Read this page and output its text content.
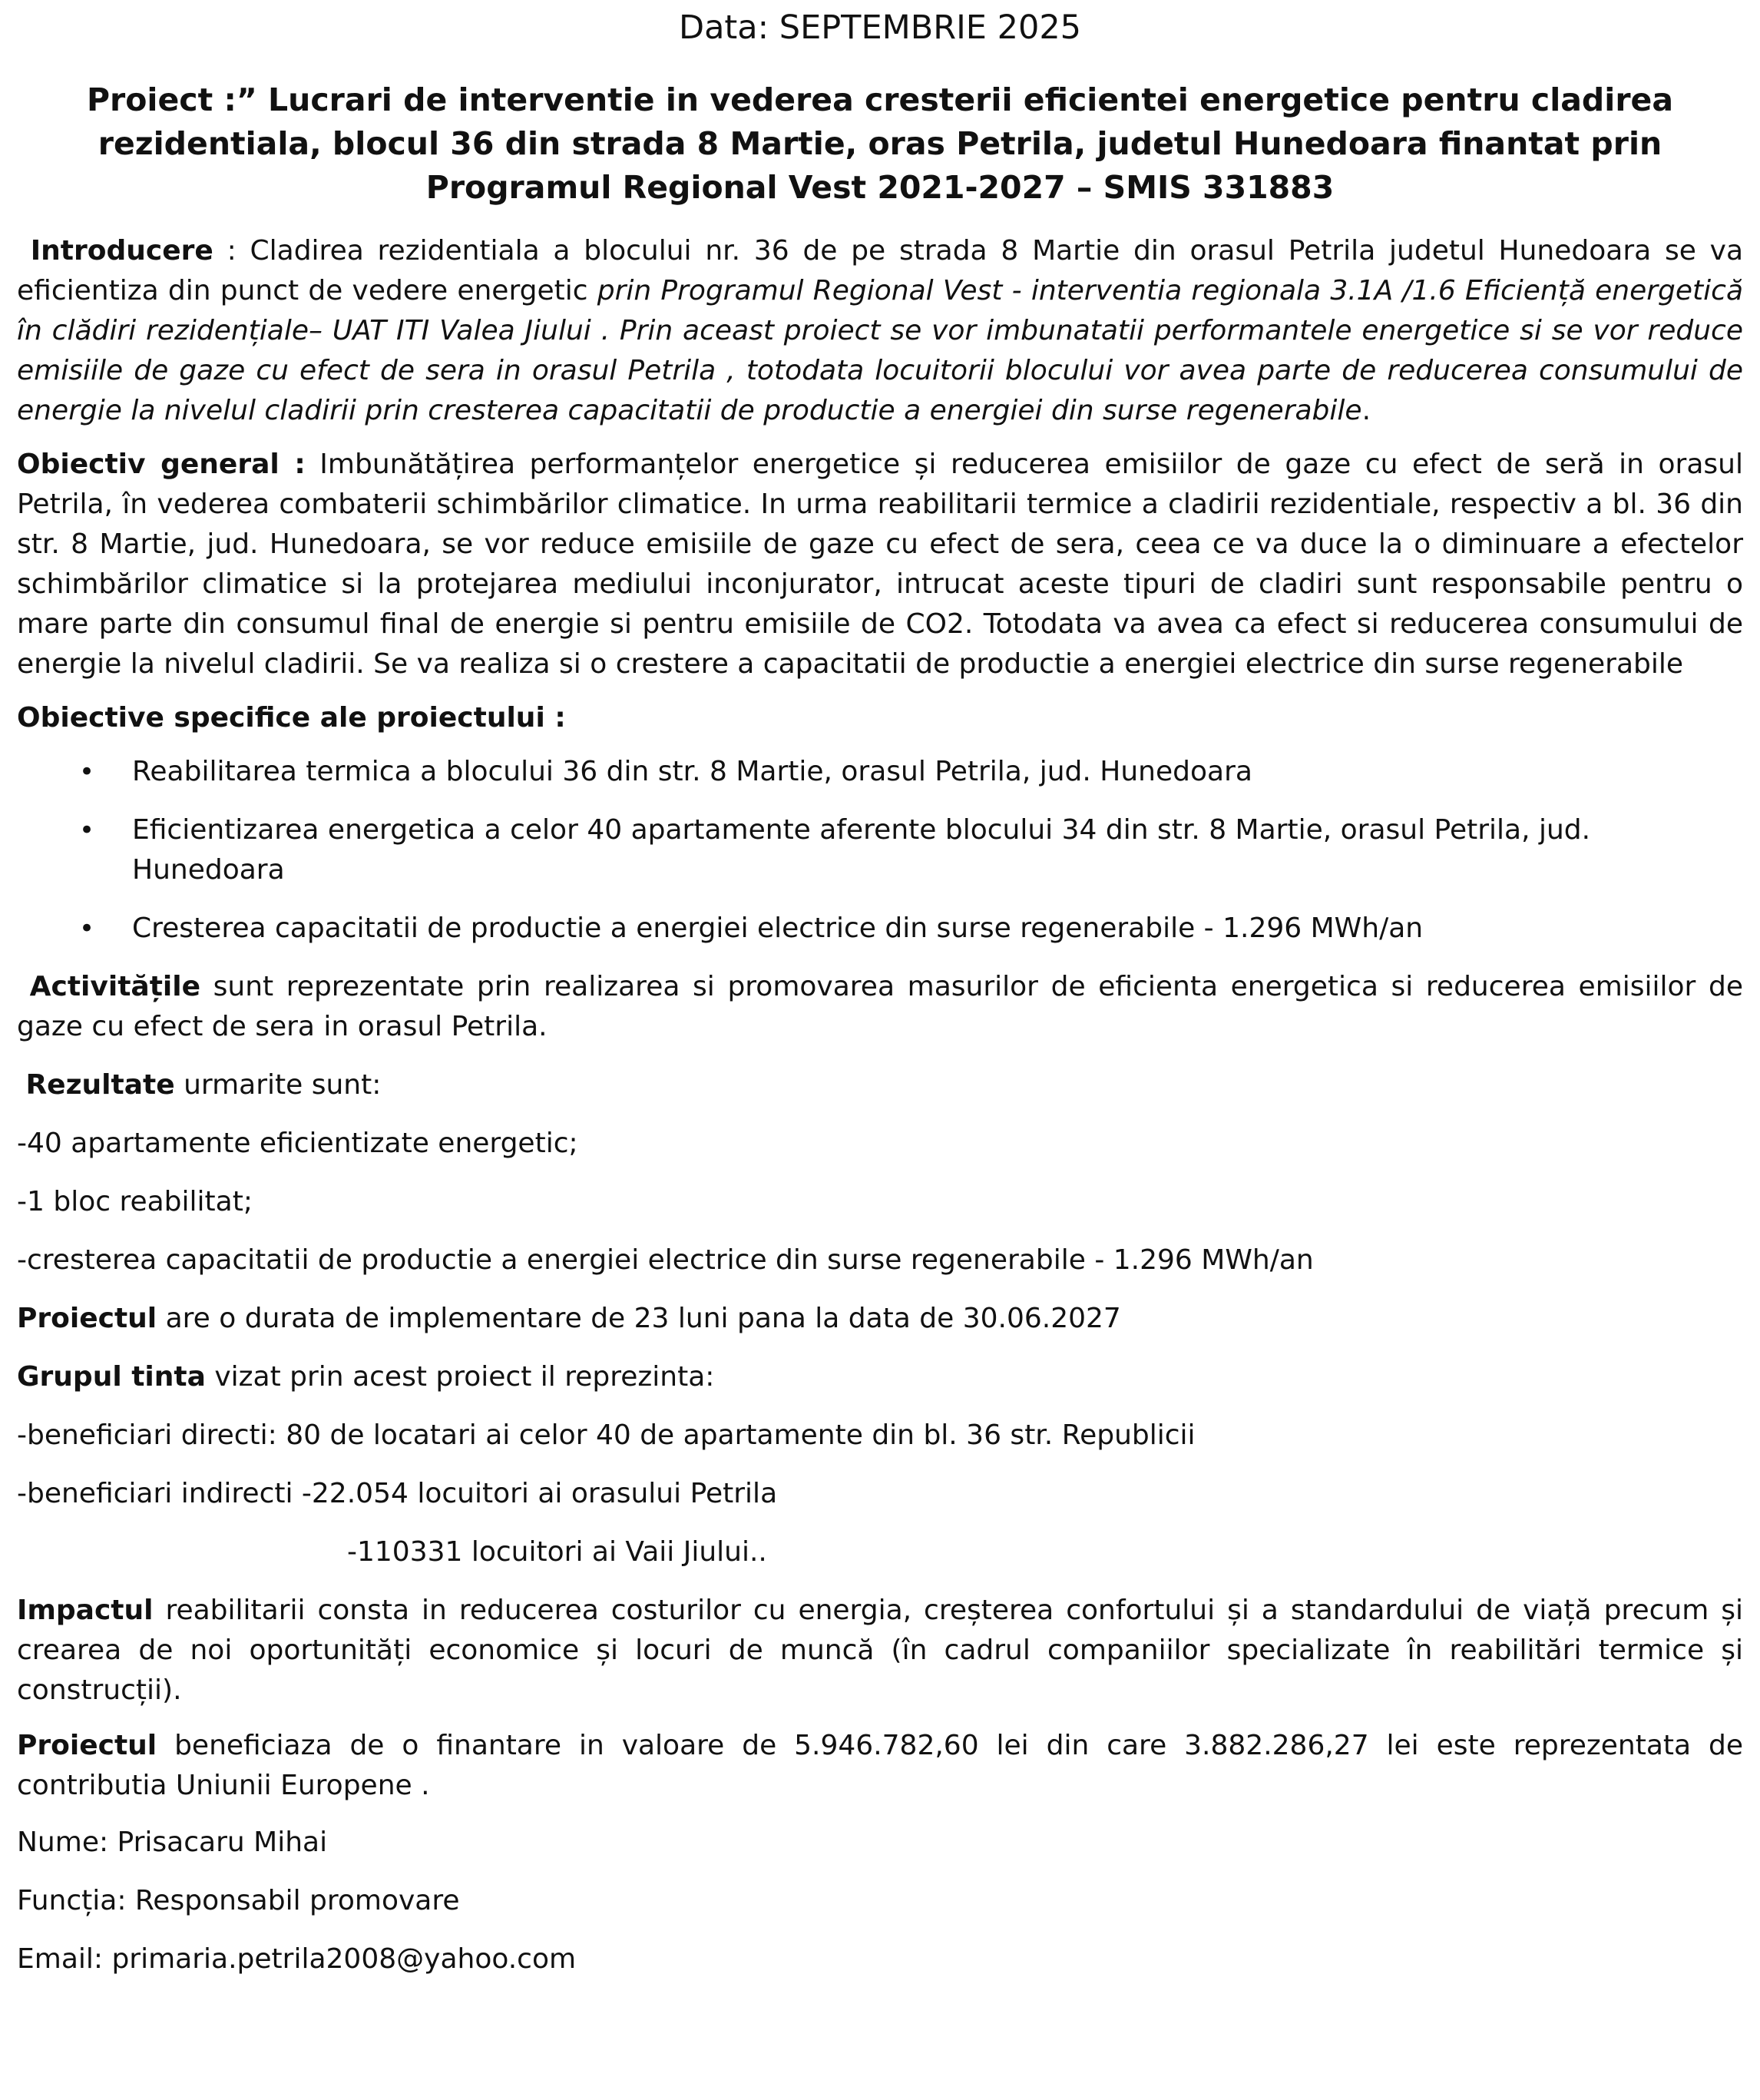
Data: SEPTEMBRIE 2025
Proiect :” Lucrari de interventie in vederea cresterii eficientei energetice pentru cladirea rezidentiala, blocul 36 din strada 8 Martie, oras Petrila, judetul Hunedoara finantat prin Programul Regional Vest 2021-2027 – SMIS 331883

Introducere : Cladirea rezidentiala a blocului nr. 36 de pe strada 8 Martie din orasul Petrila judetul Hunedoara se va eficientiza din punct de vedere energetic prin Programul Regional Vest - interventia regionala 3.1A /1.6 Eficiență energetică în clădiri rezidențiale– UAT ITI Valea Jiului . Prin aceast proiect se vor imbunatatii performantele energetice si se vor reduce emisiile de gaze cu efect de sera in orasul Petrila , totodata locuitorii blocului vor avea parte de reducerea consumului de energie la nivelul cladirii prin cresterea capacitatii de productie a energiei din surse regenerabile.

Obiectiv general : Imbunătățirea performanțelor energetice și reducerea emisiilor de gaze cu efect de seră in orasul Petrila, în vederea combaterii schimbărilor climatice. In urma reabilitarii termice a cladirii rezidentiale, respectiv a bl. 36 din str. 8 Martie, jud. Hunedoara, se vor reduce emisiile de gaze cu efect de sera, ceea ce va duce la o diminuare a efectelor schimbărilor climatice si la protejarea mediului inconjurator, intrucat aceste tipuri de cladiri sunt responsabile pentru o mare parte din consumul final de energie si pentru emisiile de CO2. Totodata va avea ca efect si reducerea consumului de energie la nivelul cladirii. Se va realiza si o crestere a capacitatii de productie a energiei electrice din surse regenerabile

Obiective specifice ale proiectului :

• Reabilitarea termica a blocului 36 din str. 8 Martie, orasul Petrila, jud. Hunedoara
• Eficientizarea energetica a celor 40 apartamente aferente blocului 34 din str. 8 Martie, orasul Petrila, jud. Hunedoara
• Cresterea capacitatii de productie a energiei electrice din surse regenerabile - 1.296 MWh/an

Activitățile sunt reprezentate prin realizarea si promovarea masurilor de eficienta energetica si reducerea emisiilor de gaze cu efect de sera in orasul Petrila.

Rezultate urmarite sunt:

-40 apartamente eficientizate energetic;

-1 bloc reabilitat;

-cresterea capacitatii de productie a energiei electrice din surse regenerabile - 1.296 MWh/an

Proiectul are o durata de implementare de 23 luni pana la data de 30.06.2027

Grupul tinta vizat prin acest proiect il reprezinta:

-beneficiari directi: 80 de locatari ai celor 40 de apartamente din bl. 36 str. Republicii

-beneficiari indirecti -22.054 locuitori ai orasului Petrila

-110331 locuitori ai Vaii Jiului..

Impactul reabilitarii consta in reducerea costurilor cu energia, creșterea confortului și a standardului de viață precum și crearea de noi oportunități economice și locuri de muncă (în cadrul companiilor specializate în reabilitări termice și construcții).

Proiectul beneficiaza de o finantare in valoare de 5.946.782,60 lei din care 3.882.286,27 lei este reprezentata de contributia Uniunii Europene .

Nume: Prisacaru Mihai

Funcția: Responsabil promovare

Email: primaria.petrila2008@yahoo.com
